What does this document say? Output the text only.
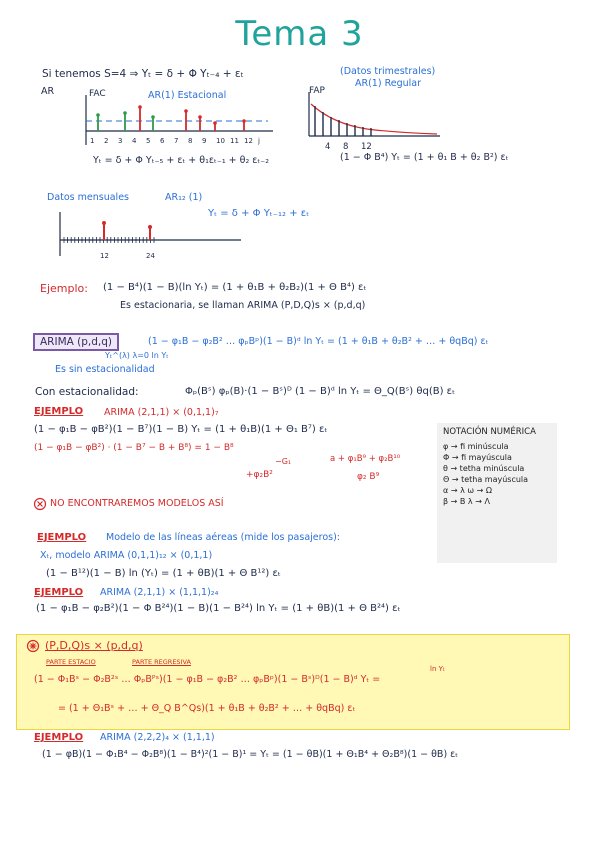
Tema 3
Si tenemos S=4 ⇒ Yₜ = δ + Φ Yₜ₋₄ + εₜ	(Datos trimestrales)
AR(1) Regular
AR	FAC	AR(1) Estacional	FAP
1 2 3 4 5 6 7 8 9 10 11 12 j
4 8 12
Yₜ = δ + Φ Yₜ₋₅ + εₜ + θ₁εₜ₋₁ + θ₂ εₜ₋₂	(1 − Φ B⁴) Yₜ = (1 + θ₁ B + θ₂ B²) εₜ
Datos mensuales	AR₁₂ (1)
Yₜ = δ + Φ Yₜ₋₁₂ + εₜ
12	24
Ejemplo: (1 − B⁴)(1 − B)(ln Yₜ) = (1 + θ₁B + θ₂B₂)(1 + Θ B⁴) εₜ
Es estacionaria, se llaman ARIMA (P,D,Q)s × (p,d,q)
ARIMA (p,d,q)	(1 − φ₁B − φ₂B² … φₚBᵖ)(1 − B)ᵈ ln Yₜ = (1 + θ₁B + θ₂B² + … + θqBq) εₜ
Yₜ^(λ) λ=0 ln Yₜ
Es sin estacionalidad
Con estacionalidad:	Φₚ(Bˢ) φₚ(B)·(1 − Bˢ)ᴰ (1 − B)ᵈ ln Yₜ = Θ_Q(Bˢ) θq(B) εₜ
EJEMPLO ARIMA (2,1,1) × (0,1,1)₇
(1 − φ₁B − φB²)(1 − B⁷)(1 − B) Yₜ = (1 + θ₁B)(1 + Θ₁ B⁷) εₜ
(1 − φ₁B − φB²) · (1 − B⁷ − B + B⁸) = 1 − B⁸
−G₁
+φ₂B²
a + φ₁B⁹ + φ₂B¹⁰
φ₂ B⁹
NOTACIÓN NUMÉRICA
φ → fi minúscula
Φ → fi mayúscula
θ → tetha minúscula
Θ → tetha mayúscula
α → λ ω → Ω
β → B λ → Λ
NO ENCONTRAREMOS MODELOS ASÍ
EJEMPLO Modelo de las líneas aéreas (mide los pasajeros):
Xₜ, modelo ARIMA (0,1,1)₁₂ × (0,1,1)
(1 − B¹²)(1 − B) ln (Yₜ) = (1 + θB)(1 + Θ B¹²) εₜ
EJEMPLO ARIMA (2,1,1) × (1,1,1)₂₄
(1 − φ₁B − φ₂B²)(1 − Φ B²⁴)(1 − B)(1 − B²⁴) ln Yₜ = (1 + θB)(1 + Θ B²⁴) εₜ
(P,D,Q)s × (p,d,q)
PARTE ESTACIO	PARTE REGRESIVA
(1 − Φ₁Bˢ − Φ₂B²ˢ … ΦₚBᴾˢ)(1 − φ₁B − φ₂B² … φₚBᵖ)(1 − Bˢ)ᴰ(1 − B)ᵈ Yₜ =
ln Yₜ
= (1 + Θ₁Bˢ + … + Θ_Q B^Qs)(1 + θ₁B + θ₂B² + … + θqBq) εₜ
EJEMPLO ARIMA (2,2,2)₄ × (1,1,1)
(1 − φB)(1 − Φ₁B⁴ − Φ₂B⁸)(1 − B⁴)²(1 − B)¹ = Yₜ = (1 − θB)(1 + Θ₁B⁴ + Θ₂B⁸)(1 − θB) εₜ
